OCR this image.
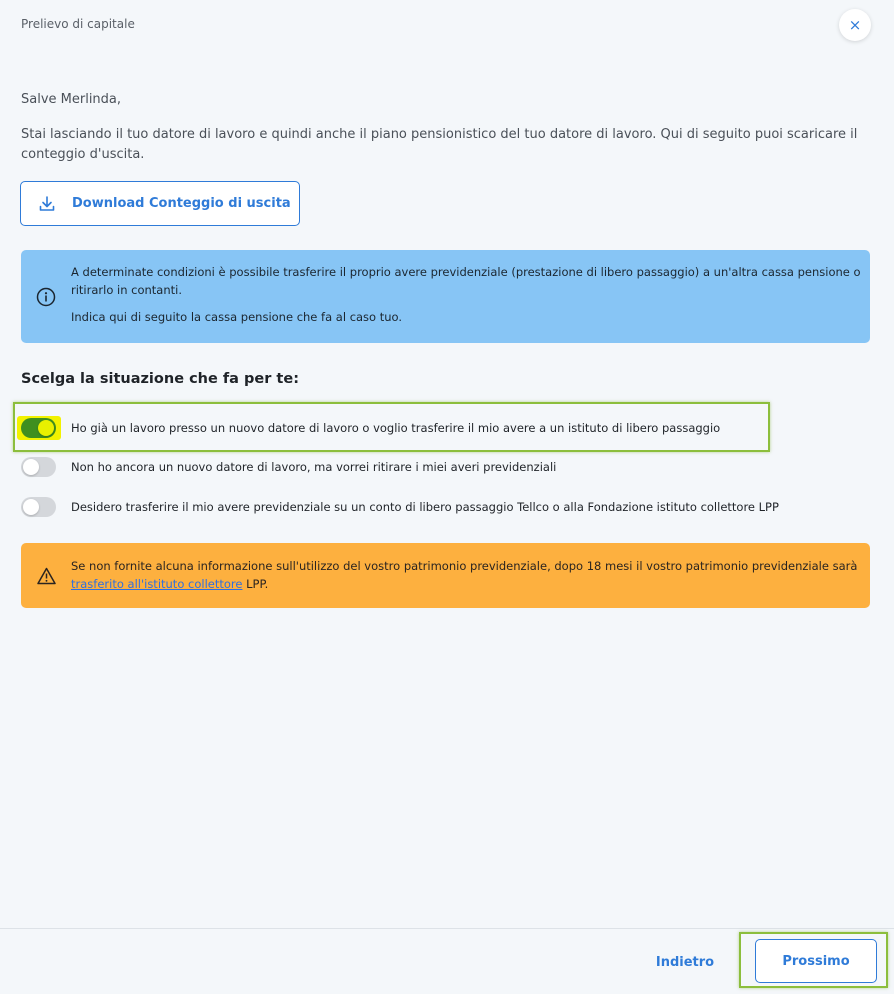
Prelievo di capitale	×
Salve Merlinda,
Stai lasciando il tuo datore di lavoro e quindi anche il piano pensionistico del tuo datore di lavoro. Qui di seguito puoi scaricare il conteggio d'uscita.
Download Conteggio di uscita
A determinate condizioni è possibile trasferire il proprio avere previdenziale (prestazione di libero passaggio) a un'altra cassa pensione o ritirarlo in contanti.
Indica qui di seguito la cassa pensione che fa al caso tuo.
Scelga la situazione che fa per te:
Ho già un lavoro presso un nuovo datore di lavoro o voglio trasferire il mio avere a un istituto di libero passaggio
Non ho ancora un nuovo datore di lavoro, ma vorrei ritirare i miei averi previdenziali
Desidero trasferire il mio avere previdenziale su un conto di libero passaggio Tellco o alla Fondazione istituto collettore LPP
Se non fornite alcuna informazione sull'utilizzo del vostro patrimonio previdenziale, dopo 18 mesi il vostro patrimonio previdenziale sarà trasferito all'istituto collettore LPP.
Indietro	Prossimo
